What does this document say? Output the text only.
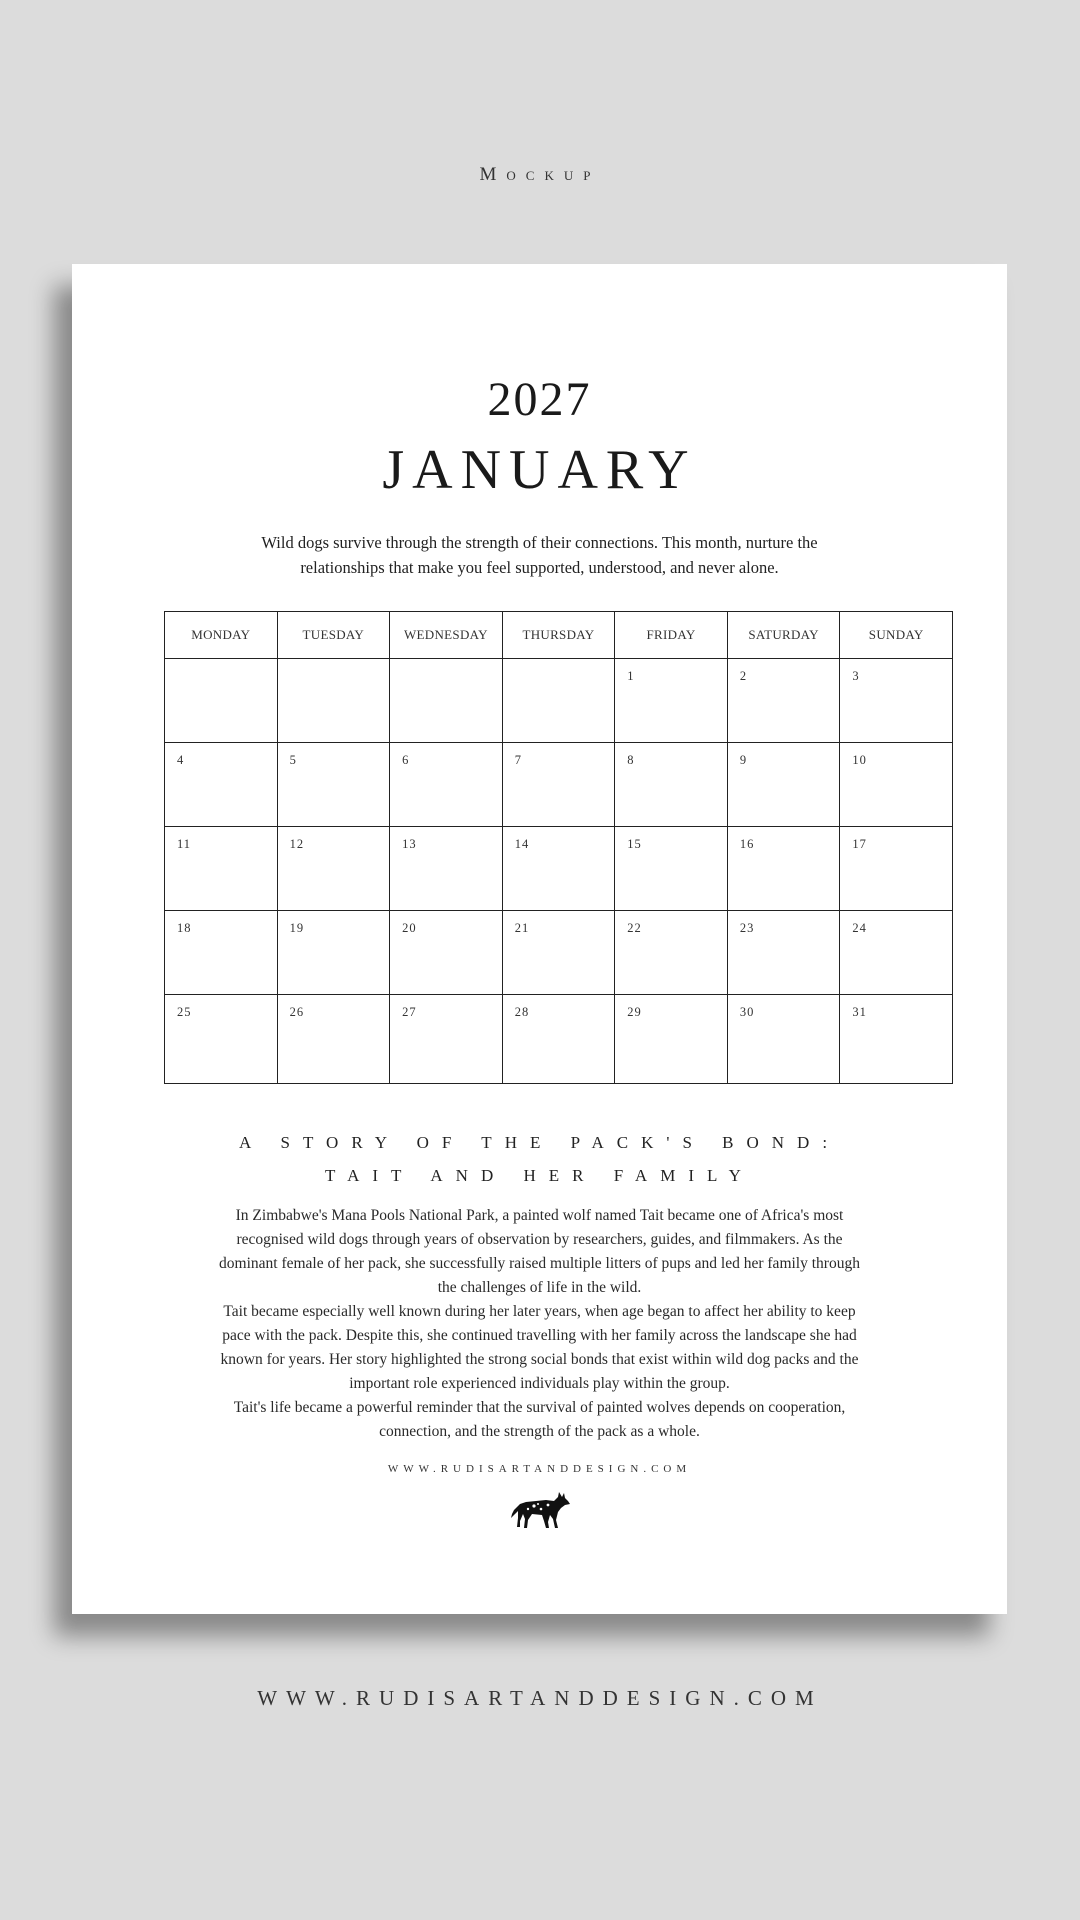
Mockup
2027
JANUARY
Wild dogs survive through the strength of their connections. This month, nurture the relationships that make you feel supported, understood, and never alone.
MONDAY	TUESDAY	WEDNESDAY	THURSDAY	FRIDAY	SATURDAY	SUNDAY

				1	2	3

4	5	6	7	8	9	10

11	12	13	14	15	16	17

18	19	20	21	22	23	24

25	26	27	28	29	30	31
A STORY OF THE PACK'S BOND:
TAIT AND HER FAMILY

In Zimbabwe's Mana Pools National Park, a painted wolf named Tait became one of Africa's most recognised wild dogs through years of observation by researchers, guides, and filmmakers. As the dominant female of her pack, she successfully raised multiple litters of pups and led her family through the challenges of life in the wild.

Tait became especially well known during her later years, when age began to affect her ability to keep pace with the pack. Despite this, she continued travelling with her family across the landscape she had known for years. Her story highlighted the strong social bonds that exist within wild dog packs and the important role experienced individuals play within the group.

Tait's life became a powerful reminder that the survival of painted wolves depends on cooperation, connection, and the strength of the pack as a whole.

WWW.RUDISARTANDDESIGN.COM
WWW.RUDISARTANDDESIGN.COM
